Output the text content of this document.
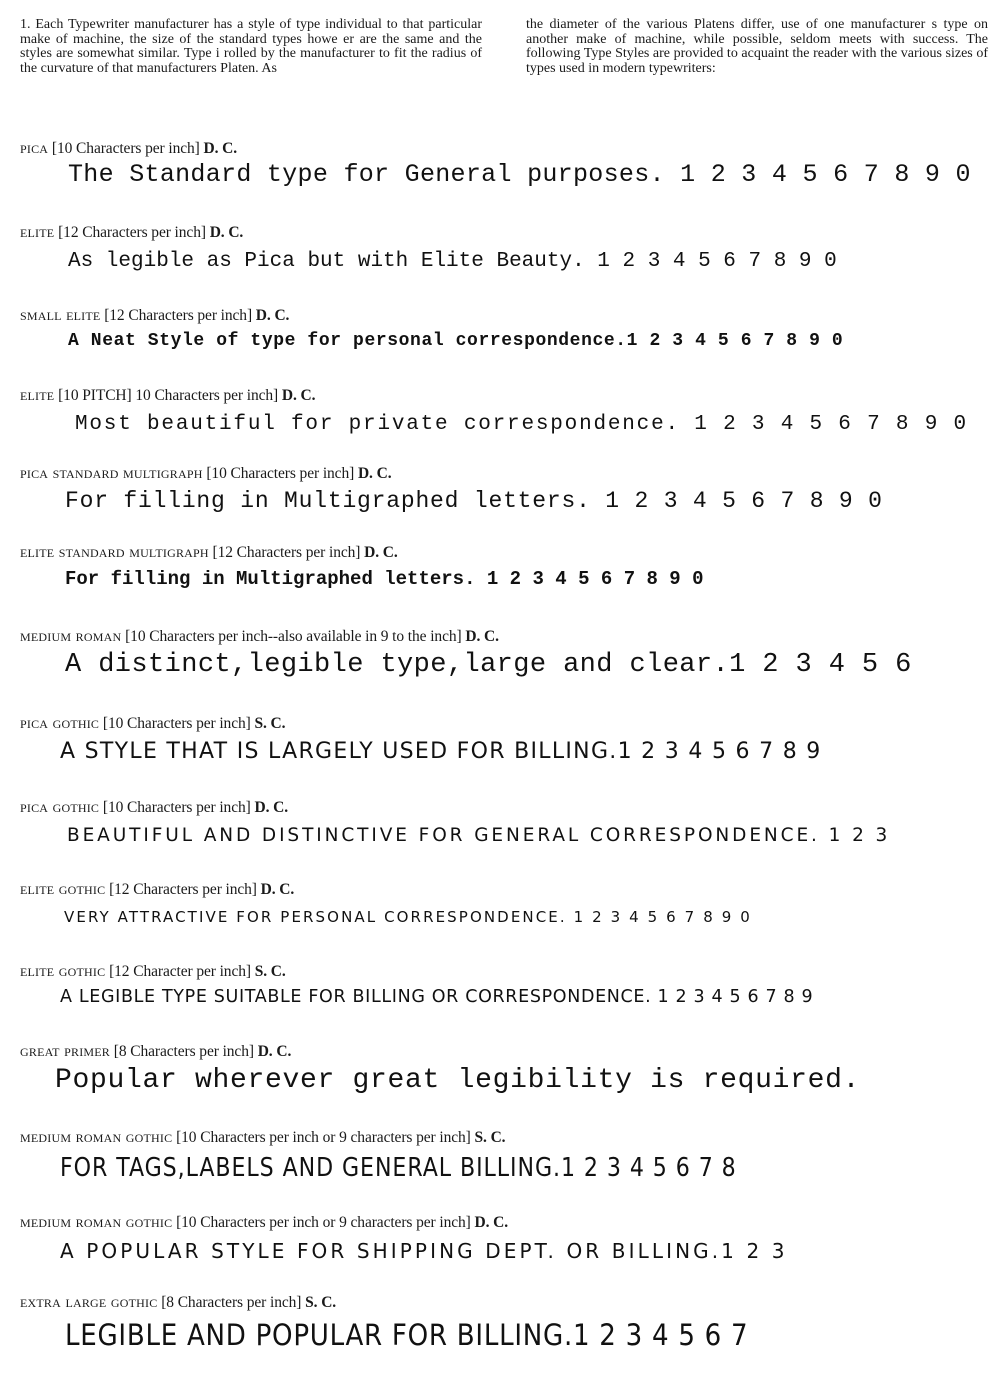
1. Each Typewriter manufacturer has a style of type individual to that particular make of machine, the size of the standard types howe er are the same and the styles are somewhat similar. Type i rolled by the manufacturer to fit the radius of the curvature of that manufacturers Platen. As
the diameter of the various Platens differ, use of one manufacturer s type on another make of machine, while possible, seldom meets with success. The following Type Styles are provided to acquaint the reader with the various sizes of types used in modern typewriters:
pica [10 Characters per inch] D. C.
The Standard type for General purposes. 1 2 3 4 5 6 7 8 9 0
elite [12 Characters per inch] D. C.
As legible as Pica but with Elite Beauty. 1 2 3 4 5 6 7 8 9 0
small elite [12 Characters per inch] D. C.
A Neat Style of type for personal correspondence.1 2 3 4 5 6 7 8 9 0
elite [10 PITCH] 10 Characters per inch] D. C.
Most beautiful for private correspondence. 1 2 3 4 5 6 7 8 9 0
pica standard multigraph [10 Characters per inch] D. C.
For filling in Multigraphed letters. 1 2 3 4 5 6 7 8 9 0
elite standard multigraph [12 Characters per inch] D. C.
For filling in Multigraphed letters. 1 2 3 4 5 6 7 8 9 0
medium roman [10 Characters per inch--also available in 9 to the inch] D. C.
A distinct,legible type,large and clear.1 2 3 4 5 6
pica gothic [10 Characters per inch] S. C.
A STYLE THAT IS LARGELY USED FOR BILLING.1 2 3 4 5 6 7 8 9
pica gothic [10 Characters per inch] D. C.
BEAUTIFUL AND DISTINCTIVE FOR GENERAL CORRESPONDENCE. 1 2 3
elite gothic [12 Characters per inch] D. C.
VERY ATTRACTIVE FOR PERSONAL CORRESPONDENCE. 1 2 3 4 5 6 7 8 9 0
elite gothic [12 Character per inch] S. C.
A LEGIBLE TYPE SUITABLE FOR BILLING OR CORRESPONDENCE. 1 2 3 4 5 6 7 8 9
great primer [8 Characters per inch] D. C.
Popular wherever great legibility is required.
medium roman gothic [10 Characters per inch or 9 characters per inch] S. C.
FOR TAGS,LABELS AND GENERAL BILLING.1 2 3 4 5 6 7 8
medium roman gothic [10 Characters per inch or 9 characters per inch] D. C.
A POPULAR STYLE FOR SHIPPING DEPT. OR BILLING.1 2 3
extra large gothic [8 Characters per inch] S. C.
LEGIBLE AND POPULAR FOR BILLING.1 2 3 4 5 6 7
